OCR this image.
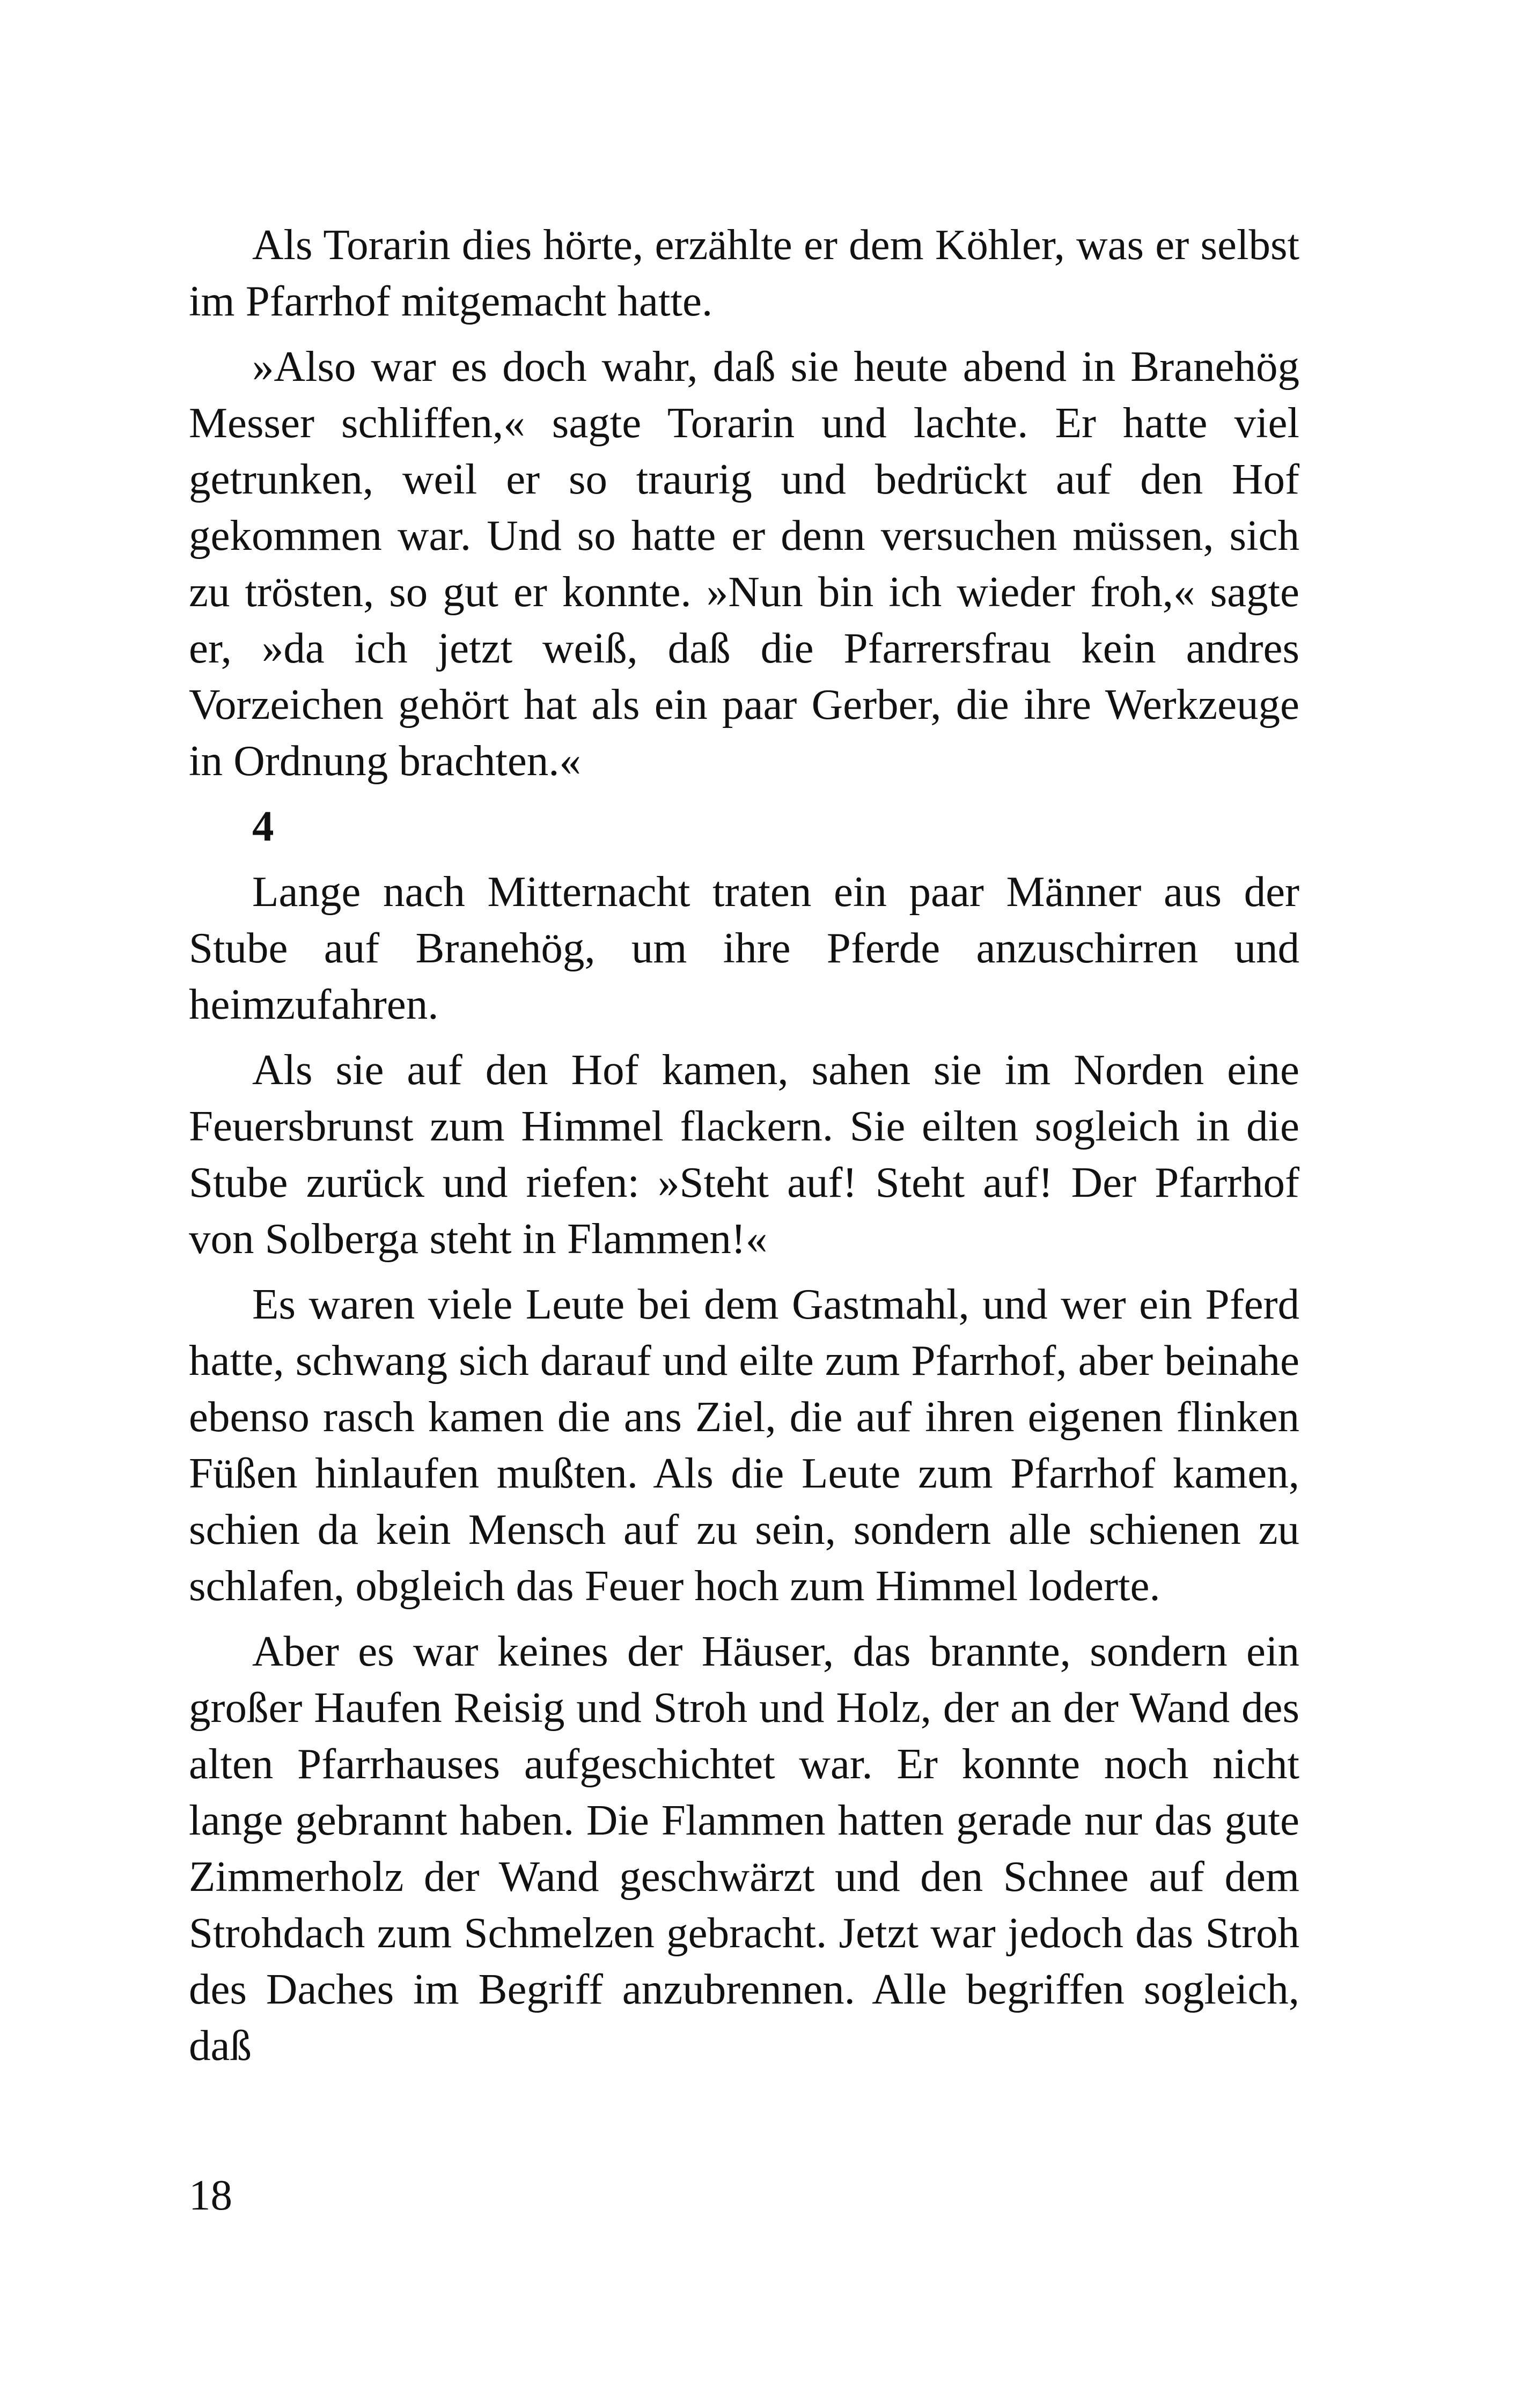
Als Torarin dies hörte, erzählte er dem Köhler, was er selbst im Pfarrhof mitgemacht hatte.

»Also war es doch wahr, daß sie heute abend in Branehög Messer schliffen,« sagte Torarin und lachte. Er hatte viel getrunken, weil er so traurig und bedrückt auf den Hof gekommen war. Und so hatte er denn versuchen müssen, sich zu trösten, so gut er konnte. »Nun bin ich wieder froh,« sagte er, »da ich jetzt weiß, daß die Pfarrersfrau kein andres Vorzeichen gehört hat als ein paar Gerber, die ihre Werkzeuge in Ordnung brachten.«

4

Lange nach Mitternacht traten ein paar Männer aus der Stube auf Branehög, um ihre Pferde anzuschirren und heimzufahren.

Als sie auf den Hof kamen, sahen sie im Norden eine Feuersbrunst zum Himmel flackern. Sie eilten sogleich in die Stube zurück und riefen: »Steht auf! Steht auf! Der Pfarrhof von Solberga steht in Flammen!«

Es waren viele Leute bei dem Gastmahl, und wer ein Pferd hatte, schwang sich darauf und eilte zum Pfarrhof, aber beinahe ebenso rasch kamen die ans Ziel, die auf ihren eigenen flinken Füßen hinlaufen mußten. Als die Leute zum Pfarrhof kamen, schien da kein Mensch auf zu sein, sondern alle schienen zu schlafen, obgleich das Feuer hoch zum Himmel loderte.

Aber es war keines der Häuser, das brannte, sondern ein großer Haufen Reisig und Stroh und Holz, der an der Wand des alten Pfarrhauses aufgeschichtet war. Er konnte noch nicht lange gebrannt haben. Die Flammen hatten gerade nur das gute Zimmerholz der Wand geschwärzt und den Schnee auf dem Strohdach zum Schmelzen gebracht. Jetzt war jedoch das Stroh des Daches im Begriff anzubrennen. Alle begriffen sogleich, daß

18
